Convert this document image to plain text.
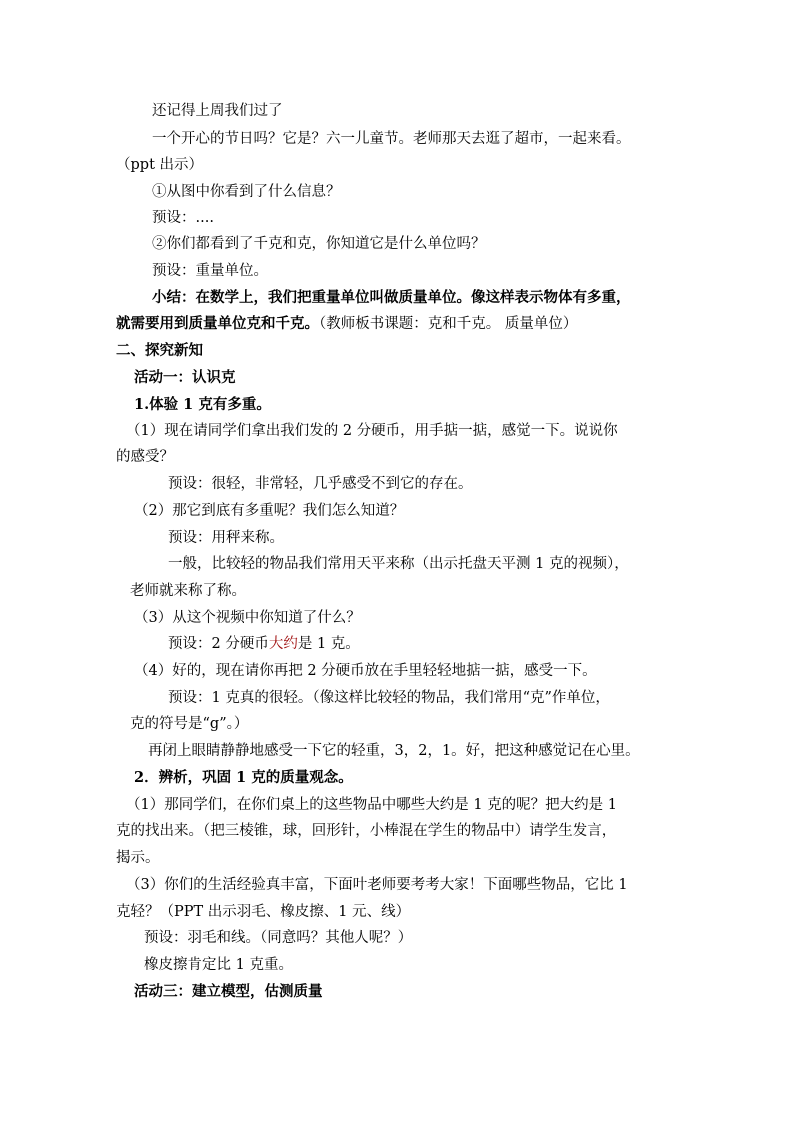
还记得上周我们过了
一个开心的节日吗？它是？六一儿童节。老师那天去逛了超市，一起来看。
（ppt 出示）
①从图中你看到了什么信息？
预设：....
②你们都看到了千克和克，你知道它是什么单位吗？
预设：重量单位。
小结：在数学上，我们把重量单位叫做质量单位。像这样表示物体有多重，
就需要用到质量单位克和千克。（教师板书课题：克和千克。 质量单位）
二、探究新知
活动一：认识克
1.体验 1 克有多重。
（1）现在请同学们拿出我们发的 2 分硬币，用手掂一掂，感觉一下。说说你
的感受？
预设：很轻，非常轻，几乎感受不到它的存在。
（2）那它到底有多重呢？我们怎么知道？
预设：用秤来称。
一般，比较轻的物品我们常用天平来称（出示托盘天平测 1 克的视频），
老师就来称了称。
（3）从这个视频中你知道了什么？
预设：2 分硬币大约是 1 克。
（4）好的，现在请你再把 2 分硬币放在手里轻轻地掂一掂，感受一下。
预设：1 克真的很轻。（像这样比较轻的物品，我们常用“克”作单位，
克的符号是“g”。）
再闭上眼睛静静地感受一下它的轻重，3，2，1。好，把这种感觉记在心里。
2．辨析，巩固 1 克的质量观念。
（1）那同学们，在你们桌上的这些物品中哪些大约是 1 克的呢？把大约是 1
克的找出来。（把三棱锥，球，回形针，小棒混在学生的物品中）请学生发言，
揭示。
（3）你们的生活经验真丰富，下面叶老师要考考大家！下面哪些物品，它比 1
克轻？（PPT 出示羽毛、橡皮擦、1 元、线）
预设：羽毛和线。（同意吗？其他人呢？）
橡皮擦肯定比 1 克重。
活动三：建立模型，估测质量
